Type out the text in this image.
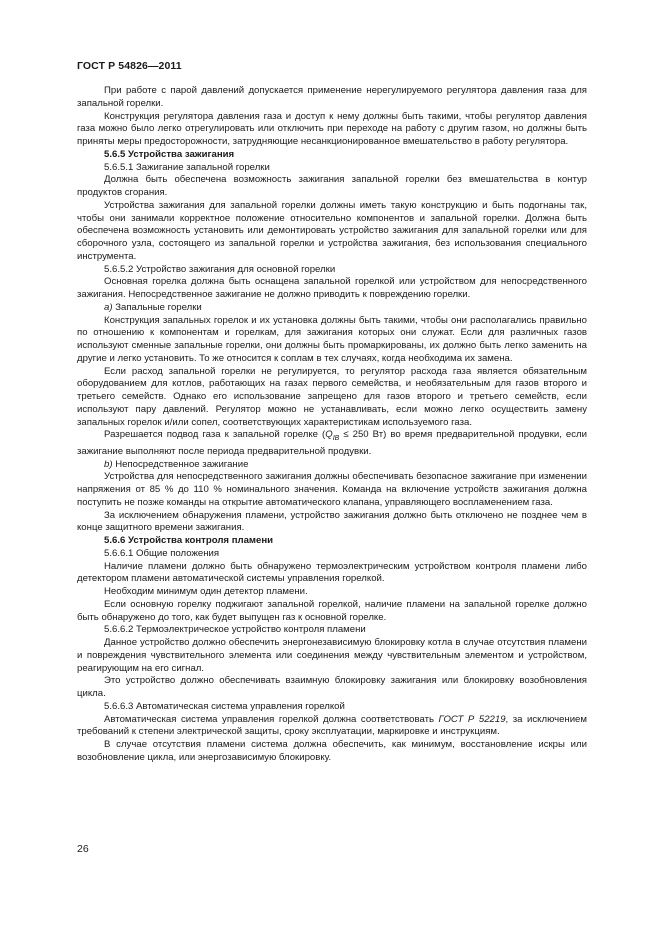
ГОСТ Р 54826—2011

При работе с парой давлений допускается применение нерегулируемого регулятора давления газа для запальной горелки.

Конструкция регулятора давления газа и доступ к нему должны быть такими, чтобы регулятор давления газа можно было легко отрегулировать или отключить при переходе на работу с другим газом, но должны быть приняты меры предосторожности, затрудняющие несанкционированное вмешательство в работу регулятора.

5.6.5 Устройства зажигания

5.6.5.1 Зажигание запальной горелки

Должна быть обеспечена возможность зажигания запальной горелки без вмешательства в контур продуктов сгорания.

Устройства зажигания для запальной горелки должны иметь такую конструкцию и быть подогнаны так, чтобы они занимали корректное положение относительно компонентов и запальной горелки. Должна быть обеспечена возможность установить или демонтировать устройство зажигания для запальной горелки или для сборочного узла, состоящего из запальной горелки и устройства зажигания, без использования специального инструмента.

5.6.5.2 Устройство зажигания для основной горелки

Основная горелка должна быть оснащена запальной горелкой или устройством для непосредственного зажигания. Непосредственное зажигание не должно приводить к повреждению горелки.

а) Запальные горелки

Конструкция запальных горелок и их установка должны быть такими, чтобы они располагались правильно по отношению к компонентам и горелкам, для зажигания которых они служат. Если для различных газов используют сменные запальные горелки, они должны быть промаркированы, их должно быть легко заменить на другие и легко установить. То же относится к соплам в тех случаях, когда необходима их замена.

Если расход запальной горелки не регулируется, то регулятор расхода газа является обязательным оборудованием для котлов, работающих на газах первого семейства, и необязательным для газов второго и третьего семейств. Однако его использование запрещено для газов второго и третьего семейств, если используют пару давлений. Регулятор можно не устанавливать, если можно легко осуществить замену запальных горелок и/или сопел, соответствующих характеристикам используемого газа.

Разрешается подвод газа к запальной горелке ($Q_{IB} \le 250$ Вт) во время предварительной продувки, если зажигание выполняют после периода предварительной продувки.

b) Непосредственное зажигание

Устройства для непосредственного зажигания должны обеспечивать безопасное зажигание при изменении напряжения от 85 % до 110 % номинального значения. Команда на включение устройств зажигания должна поступить не позже команды на открытие автоматического клапана, управляющего воспламенением газа.

За исключением обнаружения пламени, устройство зажигания должно быть отключено не позднее чем в конце защитного времени зажигания.

5.6.6 Устройства контроля пламени

5.6.6.1 Общие положения

Наличие пламени должно быть обнаружено термоэлектрическим устройством контроля пламени либо детектором пламени автоматической системы управления горелкой.

Необходим минимум один детектор пламени.

Если основную горелку поджигают запальной горелкой, наличие пламени на запальной горелке должно быть обнаружено до того, как будет выпущен газ к основной горелке.

5.6.6.2 Термоэлектрическое устройство контроля пламени

Данное устройство должно обеспечить энергонезависимую блокировку котла в случае отсутствия пламени и повреждения чувствительного элемента или соединения между чувствительным элементом и устройством, реагирующим на его сигнал.

Это устройство должно обеспечивать взаимную блокировку зажигания или блокировку возобновления цикла.

5.6.6.3 Автоматическая система управления горелкой

Автоматическая система управления горелкой должна соответствовать ГОСТ Р 52219, за исключением требований к степени электрической защиты, сроку эксплуатации, маркировке и инструкциям.

В случае отсутствия пламени система должна обеспечить, как минимум, восстановление искры или возобновление цикла, или энергозависимую блокировку.

26
